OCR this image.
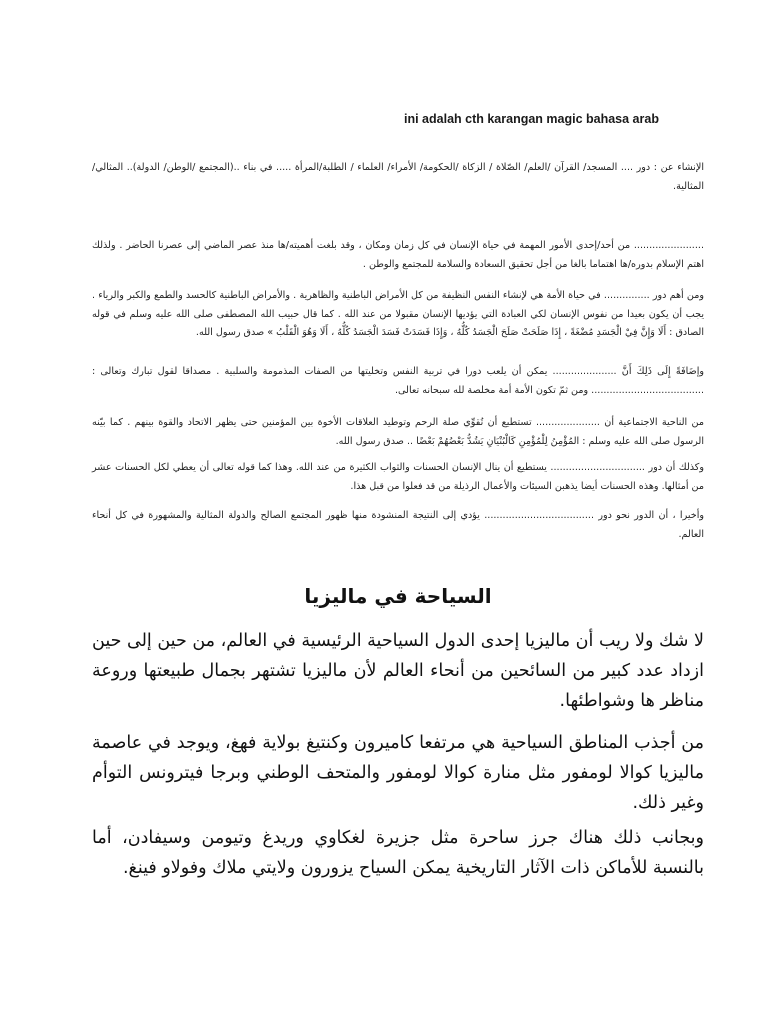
ini adalah cth karangan magic bahasa arab

الإنشاء عن : دور .... المسجد/ القرآن /العلم/ الصّلاة / الزكاة /الحكومة/ الأمراء/ العلماء / الطلبة/المرأة ..... في بناء ..(المجتمع /الوطن/ الدولة).. المثالي/ المثالية.

....................... من أحد/إحدى الأمور المهمة في حياة الإنسان في كل زمان ومكان ، وقد بلغت أهميته/ها منذ عصر الماضي إلى عصرنا الحاضر . ولذلك اهتم الإسلام بدوره/ها اهتماما بالغا من أجل تحقيق السعادة والسلامة للمجتمع والوطن .

ومن أهم دور ............... في حياة الأمة هي لإنشاء النفس النظيفة من كل الأمراض الباطنية والظاهرية . والأمراض الباطنية كالحسد والطمع والكبر والرياء . يجب أن يكون بعيدا من نفوس الإنسان لكي العبادة التي يؤديها الإنسان مقبولا من عند الله . كما قال حبيب الله المصطفى صلى الله عليه وسلم في قوله الصادق : أَلَا وَإِنَّ فِيْ الْجَسَدِ مُضْغَةً ، إِذَا صَلَحَتْ صَلَحَ الْجَسَدُ كُلُّهُ ، وَإِذَا فَسَدَتْ فَسَدَ الْجَسَدُ كُلُّهُ ، أَلَا وَهُوَ الْقَلْبُ » صدق رسول الله.

وإضَافَةً إِلَى ذَلِكَ أَنَّ ..................... يمكن أن يلعب دورا في تربية النفس وتخليتها من الصفات المذمومة والسلبية . مصداقا لقول تبارك وتعالى : ..................................... ومن ثمّ تكون الأمة أمة مخلصة لله سبحانه تعالى.

من الناحية الاجتماعية أن ..................... تستطيع أن تُقوِّي صلة الرحم وتوطيد العلاقات الأخوة بين المؤمنين حتى يظهر الاتحاد والقوة بينهم . كما بيّنه الرسول صلى الله عليه وسلم : المُؤْمِنُ لِلْمُؤْمِنِ كَالْبُنْيَانِ يَشُدُّ بَعْضُهُمْ بَعْضًا .. صدق رسول الله.

وكذلك أن دور ............................... يستطيع أن ينال الإنسان الحسنات والثواب الكثيرة من عند الله. وهذا كما قوله تعالى أن يعطي لكل الحسنات عشر من أمثالها. وهذه الحسنات أيضا يذهبن السيئات والأعمال الرذيلة من قد فعلوا من قبل هذا.

وأخيرا ، أن الدور نحو دور .................................... يؤدي إلى النتيجة المنشودة منها ظهور المجتمع الصالح والدولة المثالية والمشهورة في كل أنحاء العالم.

السياحة في ماليزيا

لا شك ولا ريب أن ماليزيا إحدى الدول السياحية الرئيسية في العالم، من حين إلى حين ازداد عدد كبير من السائحين من أنحاء العالم لأن ماليزيا تشتهر بجمال طبيعتها وروعة مناظر ها وشواطئها.

من أجذب المناطق السياحية هي مرتفعا كاميرون وكنتيغ بولاية فهغ، ويوجد في عاصمة ماليزيا كوالا لومفور مثل منارة كوالا لومفور والمتحف الوطني وبرجا فيترونس التوأم وغير ذلك.

وبجانب ذلك هناك جرز ساحرة مثل جزيرة لغكاوي وريدغ وتيومن وسيفادن، أما بالنسبة للأماكن ذات الآثار التاريخية يمكن السياح يزورون ولايتي ملاك وفولاو فينغ.
